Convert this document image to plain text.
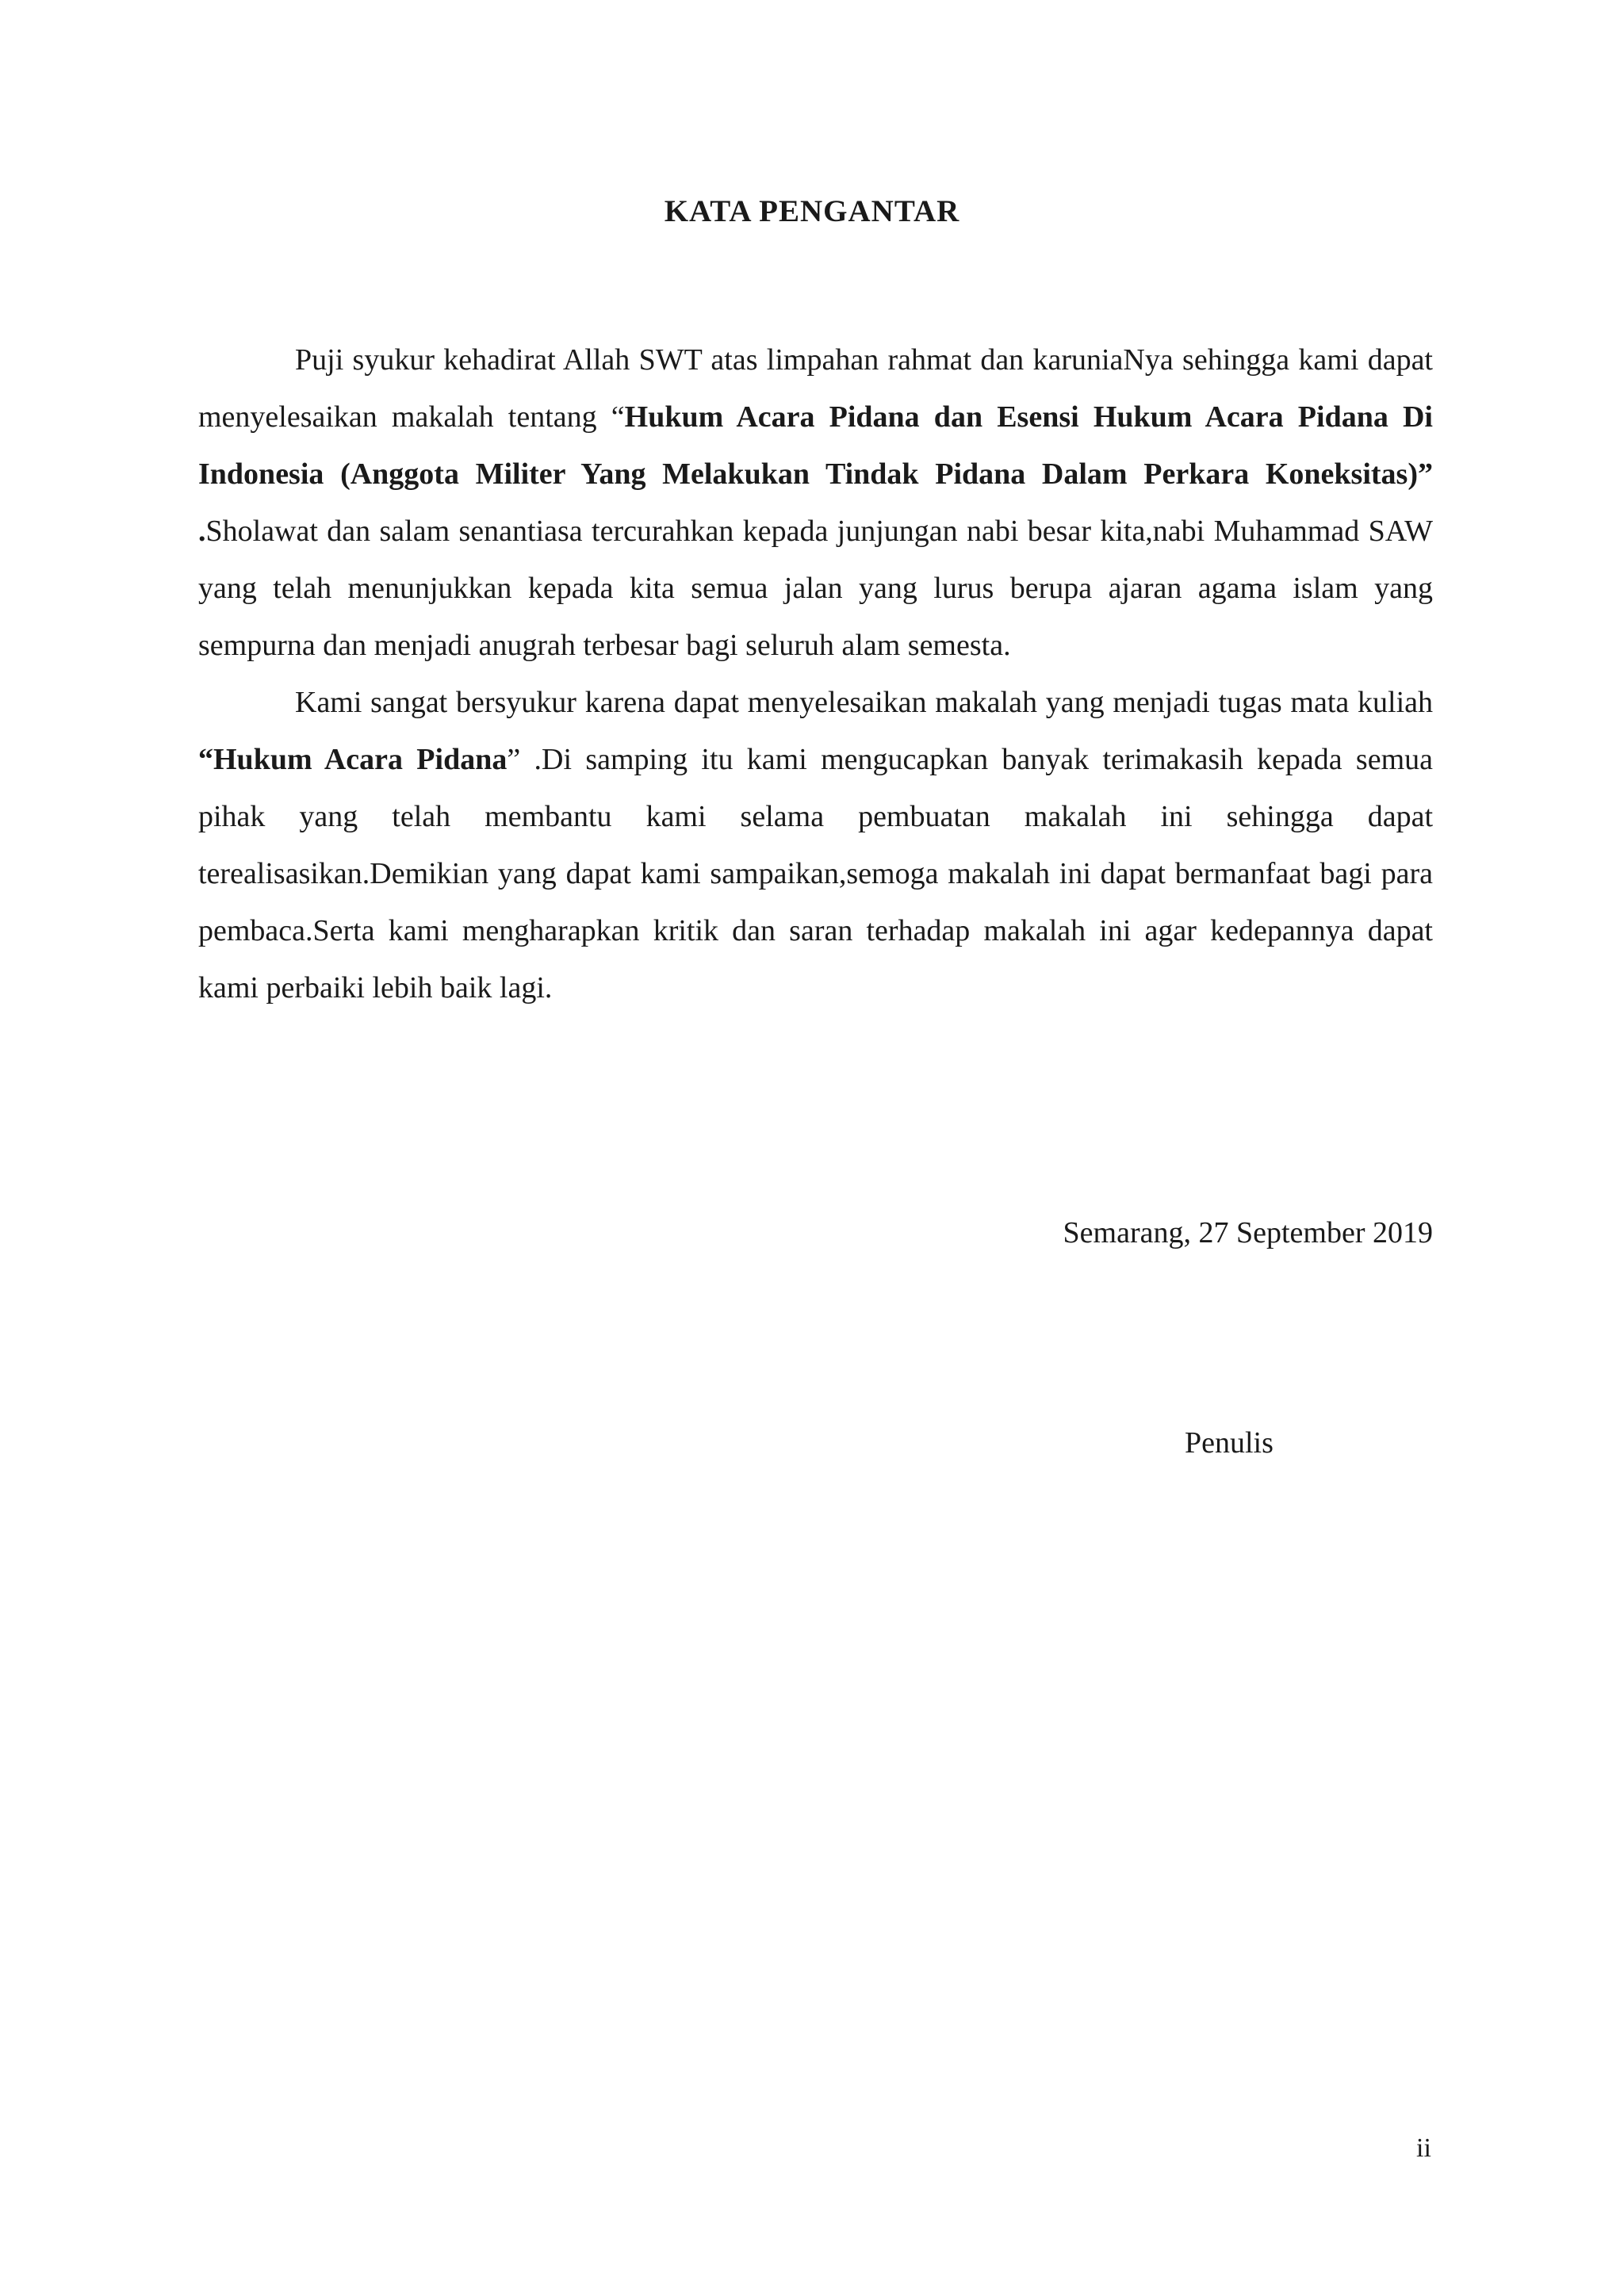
KATA PENGANTAR

Puji syukur kehadirat Allah SWT atas limpahan rahmat dan karuniaNya sehingga kami dapat menyelesaikan makalah tentang “Hukum Acara Pidana dan Esensi Hukum Acara Pidana Di Indonesia (Anggota Militer Yang Melakukan Tindak Pidana Dalam Perkara Koneksitas)” .Sholawat dan salam senantiasa tercurahkan kepada junjungan nabi besar kita,nabi Muhammad SAW yang telah menunjukkan kepada kita semua jalan yang lurus berupa ajaran agama islam yang sempurna dan menjadi anugrah terbesar bagi seluruh alam semesta.

Kami sangat bersyukur karena dapat menyelesaikan makalah yang menjadi tugas mata kuliah “Hukum Acara Pidana” .Di samping itu kami mengucapkan banyak terimakasih kepada semua pihak yang telah membantu kami selama pembuatan makalah ini sehingga dapat terealisasikan.Demikian yang dapat kami sampaikan,semoga makalah ini dapat bermanfaat bagi para pembaca.Serta kami mengharapkan kritik dan saran terhadap makalah ini agar kedepannya dapat kami perbaiki lebih baik lagi.

Semarang, 27 September 2019
Penulis
ii
